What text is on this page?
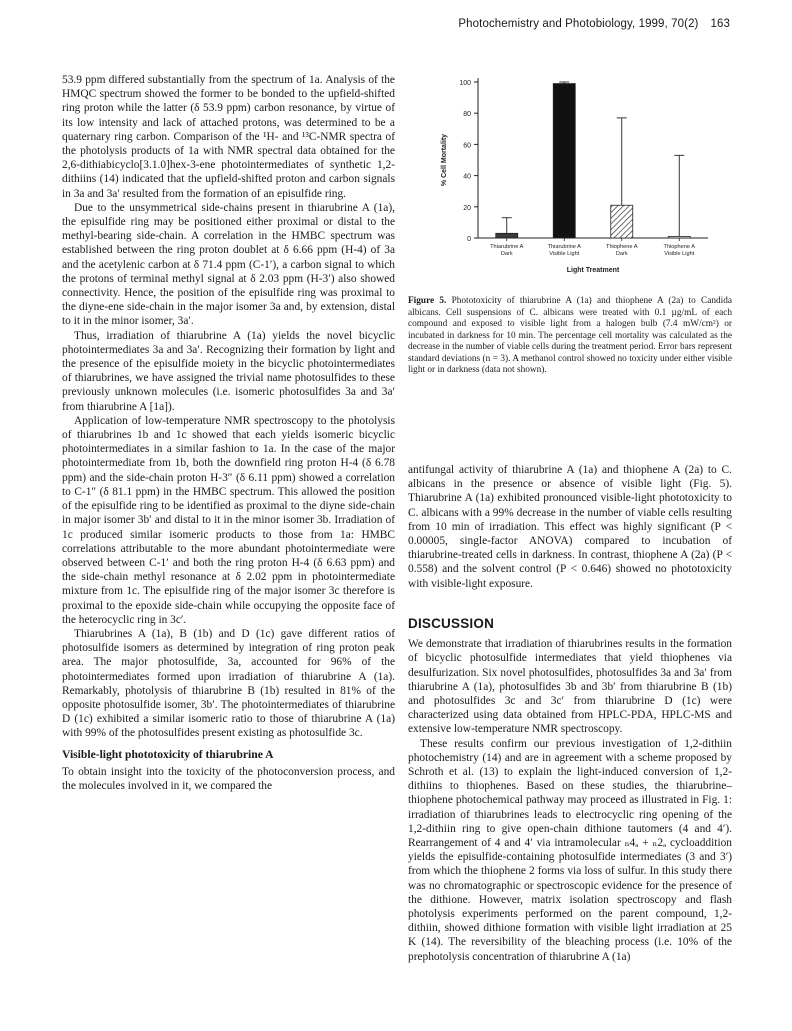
Photochemistry and Photobiology, 1999, 70(2) 163

53.9 ppm differed substantially from the spectrum of 1a. Analysis of the HMQC spectrum showed the former to be bonded to the upfield-shifted ring proton while the latter (δ 53.9 ppm) carbon resonance, by virtue of its low intensity and lack of attached protons, was determined to be a quaternary ring carbon. Comparison of the ¹H- and ¹³C-NMR spectra of the photolysis products of 1a with NMR spectral data obtained for the 2,6-dithiabicyclo[3.1.0]hex-3-ene photointermediates of synthetic 1,2-dithiins (14) indicated that the upfield-shifted proton and carbon signals in 3a and 3a′ resulted from the formation of an episulfide ring.

Due to the unsymmetrical side-chains present in thiarubrine A (1a), the episulfide ring may be positioned either proximal or distal to the methyl-bearing side-chain. A correlation in the HMBC spectrum was established between the ring proton doublet at δ 6.66 ppm (H-4) of 3a and the acetylenic carbon at δ 71.4 ppm (C-1′), a carbon signal to which the protons of terminal methyl signal at δ 2.03 ppm (H-3′) also showed connectivity. Hence, the position of the episulfide ring was proximal to the diyne-ene side-chain in the major isomer 3a and, by extension, distal to it in the minor isomer, 3a′.

Thus, irradiation of thiarubrine A (1a) yields the novel bicyclic photointermediates 3a and 3a′. Recognizing their formation by light and the presence of the episulfide moiety in the bicyclic photointermediates of thiarubrines, we have assigned the trivial name photosulfides to these previously unknown molecules (i.e. isomeric photosulfides 3a and 3a′ from thiarubrine A [1a]).

Application of low-temperature NMR spectroscopy to the photolysis of thiarubrines 1b and 1c showed that each yields isomeric bicyclic photointermediates in a similar fashion to 1a. In the case of the major photointermediate from 1b, both the downfield ring proton H-4 (δ 6.78 ppm) and the side-chain proton H-3″ (δ 6.11 ppm) showed a correlation to C-1″ (δ 81.1 ppm) in the HMBC spectrum. This allowed the position of the episulfide ring to be identified as proximal to the diyne side-chain in major isomer 3b′ and distal to it in the minor isomer 3b. Irradiation of 1c produced similar isomeric products to those from 1a: HMBC correlations attributable to the more abundant photointermediate were observed between C-1′ and both the ring proton H-4 (δ 6.63 ppm) and the side-chain methyl resonance at δ 2.02 ppm in photointermediate mixture from 1c. The episulfide ring of the major isomer 3c therefore is proximal to the epoxide side-chain while occupying the opposite face of the heterocyclic ring in 3c′.

Thiarubrines A (1a), B (1b) and D (1c) gave different ratios of photosulfide isomers as determined by integration of ring proton peak area. The major photosulfide, 3a, accounted for 96% of the photointermediates formed upon irradiation of thiarubrine A (1a). Remarkably, photolysis of thiarubrine B (1b) resulted in 81% of the opposite photosulfide isomer, 3b′. The photointermediates of thiarubrine D (1c) exhibited a similar isomeric ratio to those of thiarubrine A (1a) with 99% of the photosulfides present existing as photosulfide 3c.

Visible-light phototoxicity of thiarubrine A

To obtain insight into the toxicity of the photoconversion process, and the molecules involved in it, we compared the

0
20
40
60
80
100
% Cell Mortality
Thiarubrine A
Dark
Thiarubrine A
Visible Light
Thiophene A
Dark
Thiophene A
Visible Light
Light Treatment
Figure 5. Phototoxicity of thiarubrine A (1a) and thiophene A (2a) to Candida albicans. Cell suspensions of C. albicans were treated with 0.1 µg/mL of each compound and exposed to visible light from a halogen bulb (7.4 mW/cm²) or incubated in darkness for 10 min. The percentage cell mortality was calculated as the decrease in the number of viable cells during the treatment period. Error bars represent standard deviations (n = 3). A methanol control showed no toxicity under either visible light or in darkness (data not shown).

antifungal activity of thiarubrine A (1a) and thiophene A (2a) to C. albicans in the presence or absence of visible light (Fig. 5). Thiarubrine A (1a) exhibited pronounced visible-light phototoxicity to C. albicans with a 99% decrease in the number of viable cells resulting from 10 min of irradiation. This effect was highly significant (P < 0.00005, single-factor ANOVA) compared to incubation of thiarubrine-treated cells in darkness. In contrast, thiophene A (2a) (P < 0.558) and the solvent control (P < 0.646) showed no phototoxicity with visible-light exposure.

DISCUSSION

We demonstrate that irradiation of thiarubrines results in the formation of bicyclic photosulfide intermediates that yield thiophenes via desulfurization. Six novel photosulfides, photosulfides 3a and 3a′ from thiarubrine A (1a), photosulfides 3b and 3b′ from thiarubrine B (1b) and photosulfides 3c and 3c′ from thiarubrine D (1c) were characterized using data obtained from HPLC-PDA, HPLC-MS and extensive low-temperature NMR spectroscopy.

These results confirm our previous investigation of 1,2-dithiin photochemistry (14) and are in agreement with a scheme proposed by Schroth et al. (13) to explain the light-induced conversion of 1,2-dithiins to thiophenes. Based on these studies, the thiarubrine–thiophene photochemical pathway may proceed as illustrated in Fig. 1: irradiation of thiarubrines leads to electrocyclic ring opening of the 1,2-dithiin ring to give open-chain dithione tautomers (4 and 4′). Rearrangement of 4 and 4′ via intramolecular ₙ4ₐ + ₙ2ₐ cycloaddition yields the episulfide-containing photosulfide intermediates (3 and 3′) from which the thiophene 2 forms via loss of sulfur. In this study there was no chromatographic or spectroscopic evidence for the presence of the dithione. However, matrix isolation spectroscopy and flash photolysis experiments performed on the parent compound, 1,2-dithiin, showed dithione formation with visible light irradiation at 25 K (14). The reversibility of the bleaching process (i.e. 10% of the prephotolysis concentration of thiarubrine A (1a)
